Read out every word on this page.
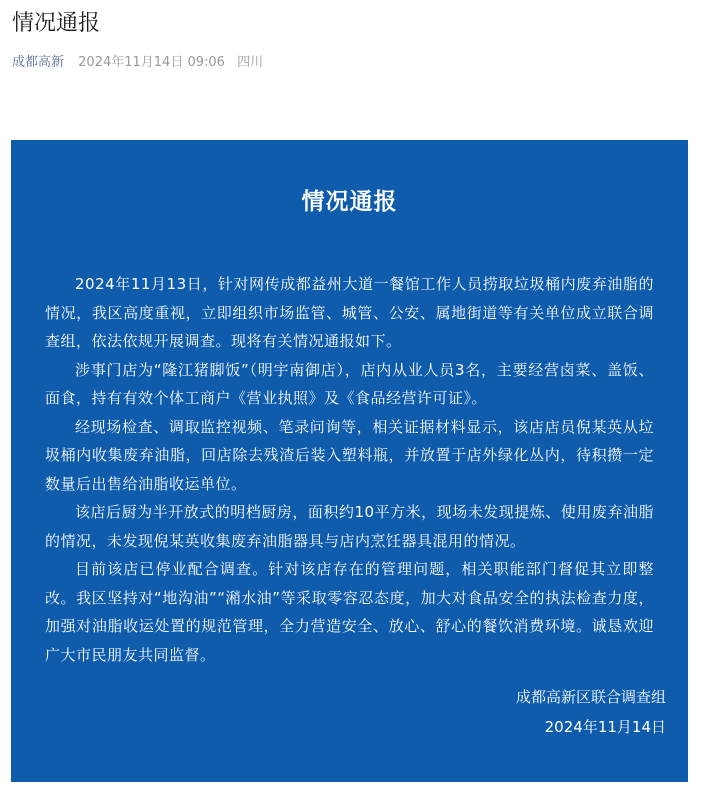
情况通报
成都高新 2024年11月14日 09:06 四川
情况通报

2024年11月13日，针对网传成都益州大道一餐馆工作人员捞取垃圾桶内废弃油脂的情况，我区高度重视，立即组织市场监管、城管、公安、属地街道等有关单位成立联合调查组，依法依规开展调查。现将有关情况通报如下。

涉事门店为“隆江猪脚饭”（明宇南御店），店内从业人员3名，主要经营卤菜、盖饭、面食，持有有效个体工商户《营业执照》及《食品经营许可证》。

经现场检查、调取监控视频、笔录问询等，相关证据材料显示，该店店员倪某英从垃圾桶内收集废弃油脂，回店除去残渣后装入塑料瓶，并放置于店外绿化丛内，待积攒一定数量后出售给油脂收运单位。

该店后厨为半开放式的明档厨房，面积约10平方米，现场未发现提炼、使用废弃油脂的情况，未发现倪某英收集废弃油脂器具与店内烹饪器具混用的情况。

目前该店已停业配合调查。针对该店存在的管理问题，相关职能部门督促其立即整改。我区坚持对“地沟油”“潲水油”等采取零容忍态度，加大对食品安全的执法检查力度，加强对油脂收运处置的规范管理，全力营造安全、放心、舒心的餐饮消费环境。诚恳欢迎广大市民朋友共同监督。

成都高新区联合调查组
2024年11月14日
